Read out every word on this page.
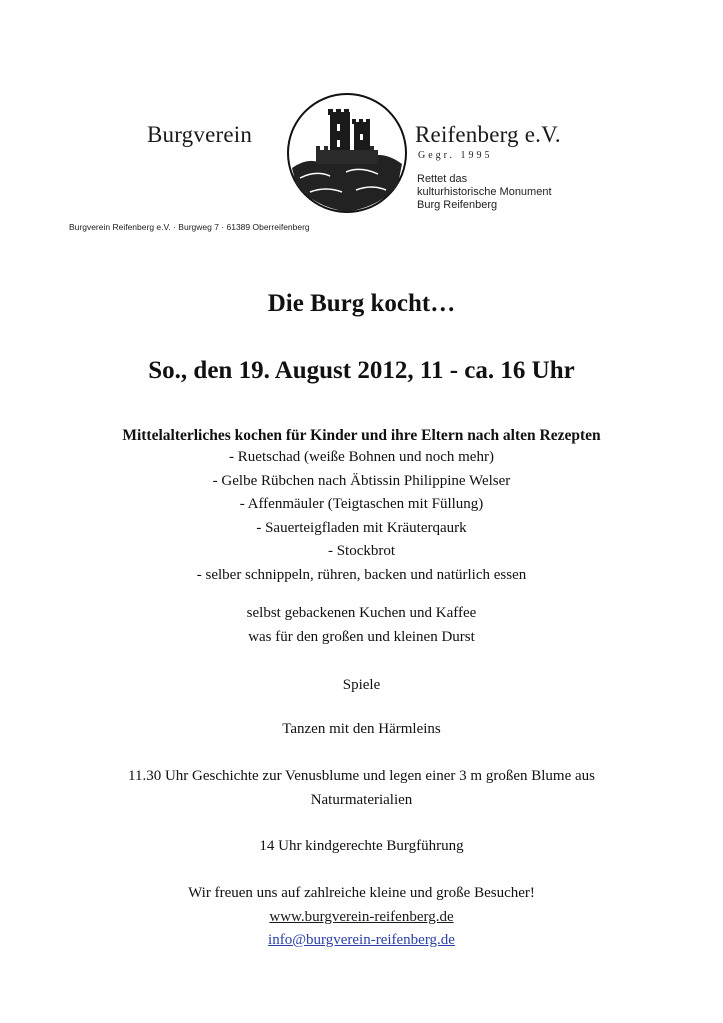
Burgverein	Reifenberg e.V.
Gegr. 1995
Rettet das
kulturhistorische Monument
Burg Reifenberg
Burgverein Reifenberg e.V. · Burgweg 7 · 61389 Oberreifenberg
Die Burg kocht…
So., den 19. August 2012, 11 - ca. 16 Uhr
Mittelalterliches kochen für Kinder und ihre Eltern nach alten Rezepten
- Ruetschad (weiße Bohnen und noch mehr)
- Gelbe Rübchen nach Äbtissin Philippine Welser
- Affenmäuler (Teigtaschen mit Füllung)
- Sauerteigfladen mit Kräuterqaurk
- Stockbrot
- selber schnippeln, rühren, backen und natürlich essen
selbst gebackenen Kuchen und Kaffee
was für den großen und kleinen Durst
Spiele
Tanzen mit den Härmleins
11.30 Uhr Geschichte zur Venusblume und legen einer 3 m großen Blume aus
Naturmaterialien
14 Uhr kindgerechte Burgführung
Wir freuen uns auf zahlreiche kleine und große Besucher!
www.burgverein-reifenberg.de
info@burgverein-reifenberg.de
